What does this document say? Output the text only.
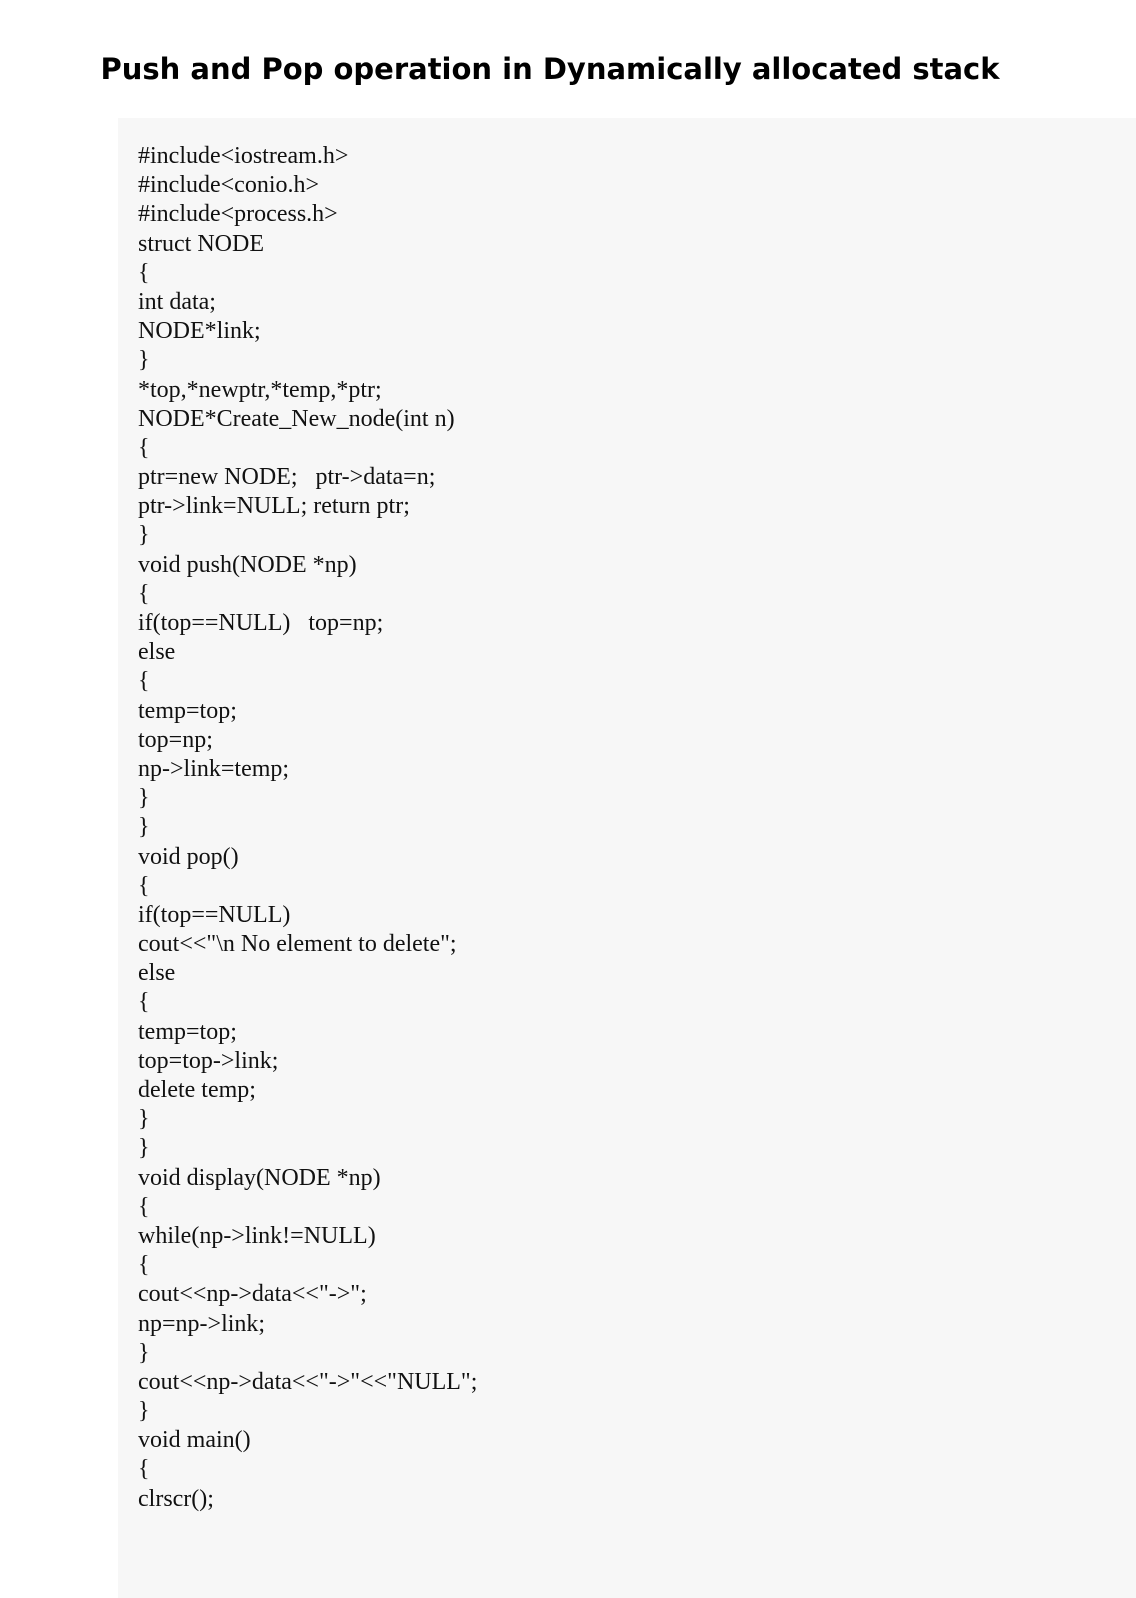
Push and Pop operation in Dynamically allocated stack
#include<iostream.h>
#include<conio.h>
#include<process.h>
struct NODE
{
int data;
NODE*link;
}
*top,*newptr,*temp,*ptr;
NODE*Create_New_node(int n)
{
ptr=new NODE;   ptr->data=n;
ptr->link=NULL; return ptr;
}
void push(NODE *np)
{
if(top==NULL)   top=np;
else
{
temp=top;
top=np;
np->link=temp;
}
}
void pop()
{
if(top==NULL)
cout<<"\n No element to delete";
else
{
temp=top;
top=top->link;
delete temp;
}
}
void display(NODE *np)
{
while(np->link!=NULL)
{
cout<<np->data<<"->";
np=np->link;
}
cout<<np->data<<"->"<<"NULL";
}
void main()
{
clrscr();
